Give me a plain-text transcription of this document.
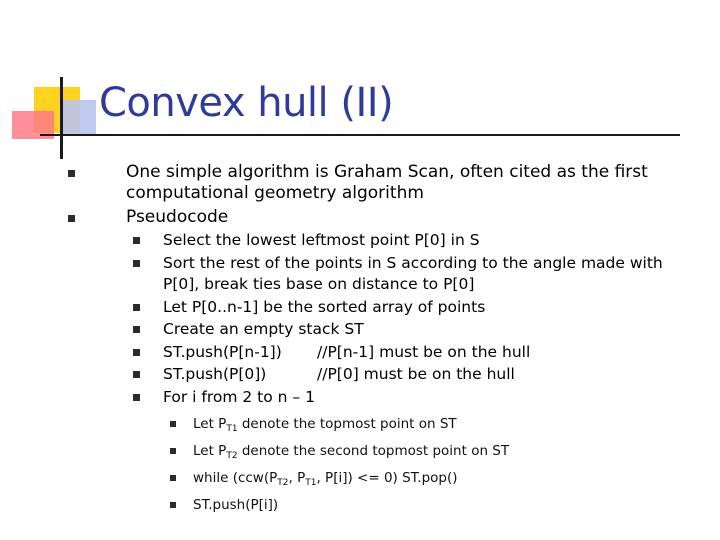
Convex hull (II)
One simple algorithm is Graham Scan, often cited as the first computational geometry algorithm
Pseudocode
Select the lowest leftmost point P[0] in S
Sort the rest of the points in S according to the angle made with P[0], break ties base on distance to P[0]
Let P[0..n-1] be the sorted array of points
Create an empty stack ST
ST.push(P[n-1]) //P[n-1] must be on the hull
ST.push(P[0])	//P[0] must be on the hull
For i from 2 to n – 1
Let $P_{T1}$ denote the topmost point on ST
Let $P_{T2}$ denote the second topmost point on ST
while ($ccw(P_{T2}$, $P_{T1}$, P[i]) <= 0) ST.pop()
ST.push(P[i])
